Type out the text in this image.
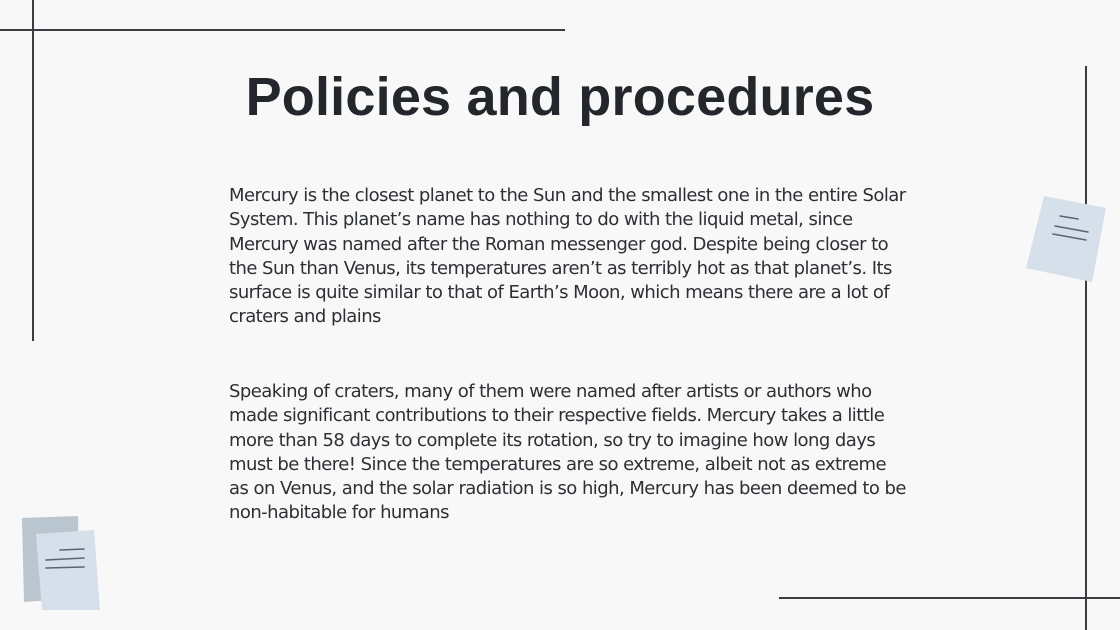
Policies and procedures

Mercury is the closest planet to the Sun and the smallest one in the entire Solar System. This planet’s name has nothing to do with the liquid metal, since Mercury was named after the Roman messenger god. Despite being closer to the Sun than Venus, its temperatures aren’t as terribly hot as that planet’s. Its surface is quite similar to that of Earth’s Moon, which means there are a lot of craters and plains

Speaking of craters, many of them were named after artists or authors who made significant contributions to their respective fields. Mercury takes a little more than 58 days to complete its rotation, so try to imagine how long days must be there! Since the temperatures are so extreme, albeit not as extreme as on Venus, and the solar radiation is so high, Mercury has been deemed to be non-habitable for humans
